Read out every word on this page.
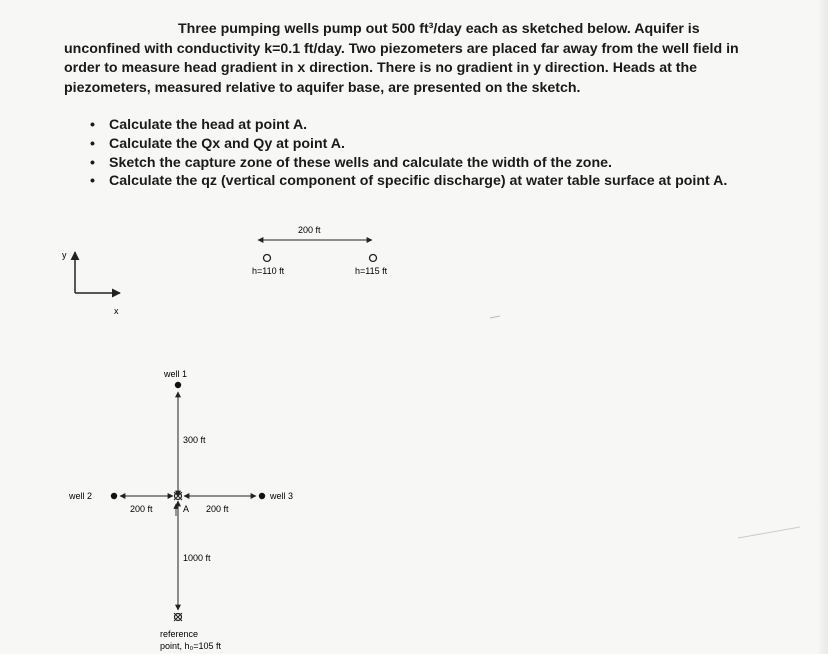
Three pumping wells pump out 500 ft³/day each as sketched below. Aquifer is
unconfined with conductivity k=0.1 ft/day. Two piezometers are placed far away from the well field in
order to measure head gradient in x direction. There is no gradient in y direction. Heads at the
piezometers, measured relative to aquifer base, are presented on the sketch.
• Calculate the head at point A.
• Calculate the Qx and Qy at point A.
• Sketch the capture zone of these wells and calculate the width of the zone.
• Calculate the qz (vertical component of specific discharge) at water table surface at point A.
y
x
200 ft
h=110 ft	h=115 ft
well 1
300 ft
well 2
200 ft	A 200 ft
well 3
1000 ft
reference
point, h₀=105 ft
